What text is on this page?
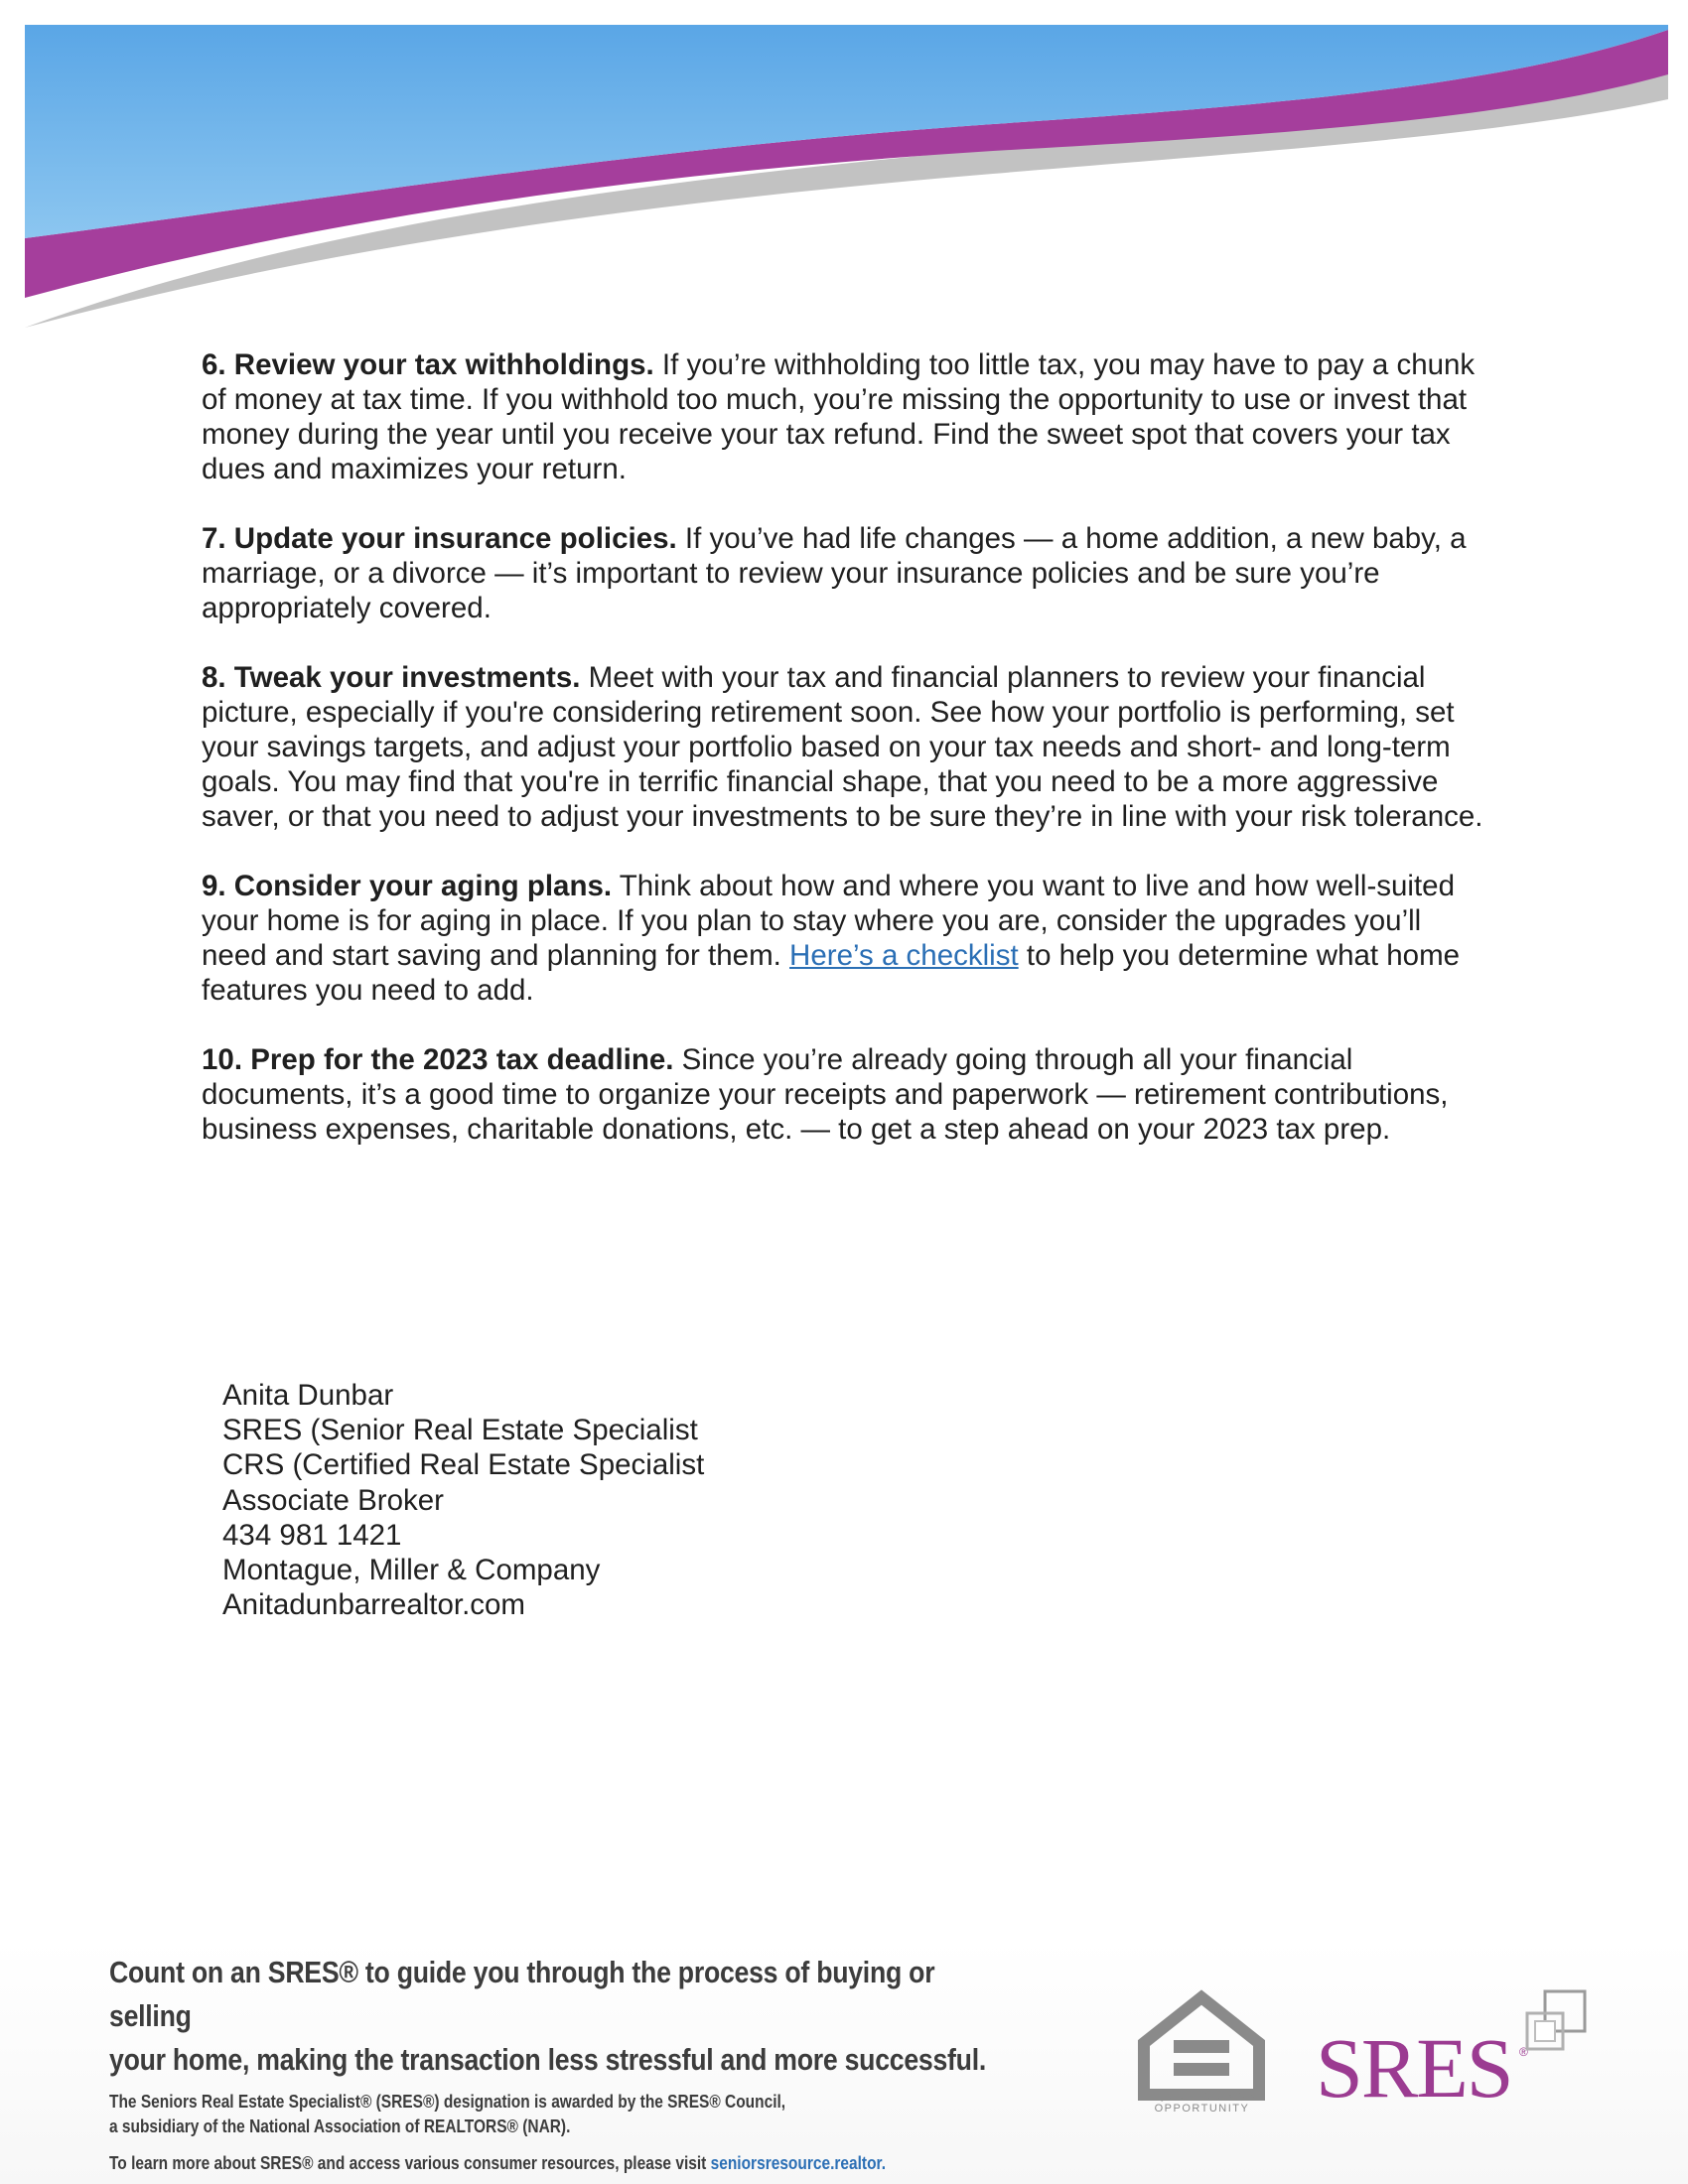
6. Review your tax withholdings. If you’re withholding too little tax, you may have to pay a chunk of money at tax time. If you withhold too much, you’re missing the opportunity to use or invest that money during the year until you receive your tax refund. Find the sweet spot that covers your tax dues and maximizes your return.

7. Update your insurance policies. If you’ve had life changes — a home addition, a new baby, a marriage, or a divorce — it’s important to review your insurance policies and be sure you’re appropriately covered.

8. Tweak your investments. Meet with your tax and financial planners to review your financial picture, especially if you're considering retirement soon. See how your portfolio is performing, set your savings targets, and adjust your portfolio based on your tax needs and short- and long-term goals. You may find that you're in terrific financial shape, that you need to be a more aggressive saver, or that you need to adjust your investments to be sure they’re in line with your risk tolerance.

9. Consider your aging plans. Think about how and where you want to live and how well-suited your home is for aging in place. If you plan to stay where you are, consider the upgrades you’ll need and start saving and planning for them. Here’s a checklist to help you determine what home features you need to add.

10. Prep for the 2023 tax deadline. Since you’re already going through all your financial documents, it’s a good time to organize your receipts and paperwork — retirement contributions, business expenses, charitable donations, etc. — to get a step ahead on your 2023 tax prep.

Anita Dunbar
SRES (Senior Real Estate Specialist
CRS (Certified Real Estate Specialist
Associate Broker
434 981 1421
Montague, Miller & Company
Anitadunbarrealtor.com
Count on an SRES® to guide you through the process of buying or selling
your home, making the transaction less stressful and more successful.
The Seniors Real Estate Specialist® (SRES®) designation is awarded by the SRES® Council,
a subsidiary of the National Association of REALTORS® (NAR).
To learn more about SRES® and access various consumer resources, please visit seniorsresource.realtor.
EQUAL HOUSING
OPPORTUNITY SRES ®
